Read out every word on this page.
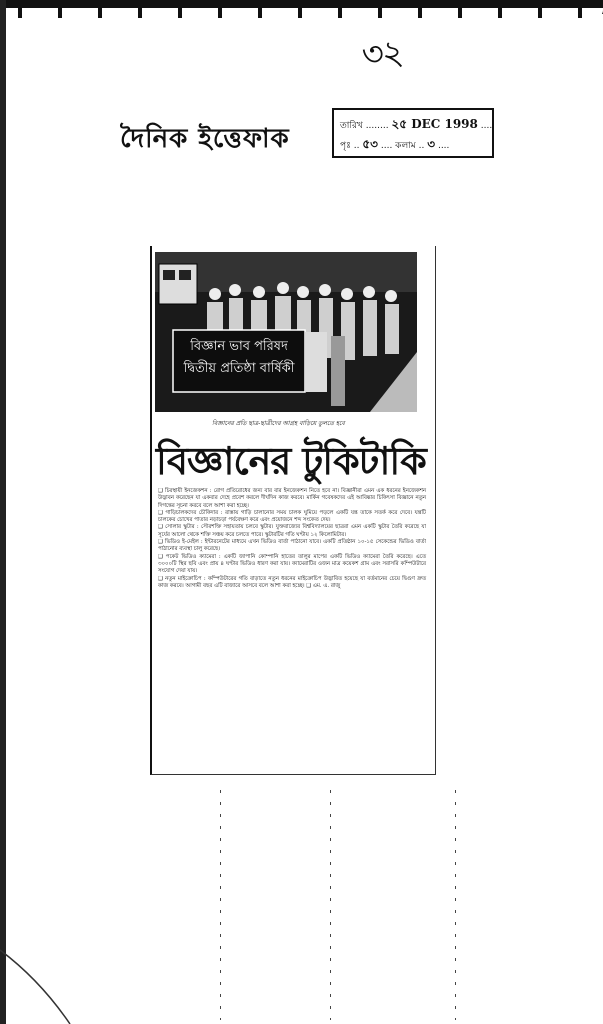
৩২
দৈনিক ইত্তেফাক	তারিখ ........ ২৫ DEC 1998 ....
পৃঃ .. ৫৩ .... কলাম .. ৩ ....
বিজ্ঞান ভাব পরিষদ
দ্বিতীয় প্রতিষ্ঠা বার্ষিকী
বিজ্ঞানের প্রতি ছাত্র-ছাত্রীদের আগ্রহ বাড়িয়ে তুলতে হবে
বিজ্ঞানের টুকিটাকি

❑ চিরস্থায়ী ইনজেকশন : রোগ প্রতিরোধের জন্য বার বার ইনজেকশন নিতে হবে না। বিজ্ঞানীরা এমন এক ধরনের ইনজেকশন উদ্ভাবন করেছেন যা একবার দেহে প্রবেশ করলে দীর্ঘদিন কাজ করবে। মার্কিন গবেষকদের এই আবিষ্কার চিকিৎসা বিজ্ঞানে নতুন দিগন্তের সূচনা করবে বলে আশা করা হচ্ছে।

❑ গাড়িচালকদের চৌকিদার : রাস্তায় গাড়ি চালানোর সময় চালক ঘুমিয়ে পড়লে একটি যন্ত্র তাকে সতর্ক করে দেবে। যন্ত্রটি চালকের চোখের পাতার নড়াচড়া পর্যবেক্ষণ করে এবং প্রয়োজনে শব্দ সংকেত দেয়।

❑ সোলার স্কুটার : সৌরশক্তি সহায়তায় চলবে স্কুটার। যুক্তরাজ্যের বিশ্ববিদ্যালয়ের ছাত্ররা এমন একটি স্কুটার তৈরি করেছে যা সূর্যের আলো থেকে শক্তি সঞ্চয় করে চলতে পারে। স্কুটারটির গতি ঘণ্টায় ১২ কিলোমিটার।

❑ ভিডিও ই-মেইল : ইন্টারনেটের মাধ্যমে এখন ভিডিও বার্তা পাঠানো যাবে। একটি প্রতিষ্ঠান ১০-১৫ সেকেন্ডের ভিডিও বার্তা পাঠানোর ব্যবস্থা চালু করেছে।

❑ পকেট ভিডিও ক্যামেরা : একটি জাপানি কোম্পানি হাতের তালুর মাপের একটি ভিডিও ক্যামেরা তৈরি করেছে। এতে ৩০০০টি স্থির ছবি এবং প্রায় ৪ ঘণ্টার ভিডিও ধারণ করা যায়। ক্যামেরাটির ওজন মাত্র কয়েকশ গ্রাম এবং সরাসরি কম্পিউটারে সংযোগ দেয়া যায়।

❑ নতুন মাইক্রোচিপ : কম্পিউটারের গতি বাড়াতে নতুন ধরনের মাইক্রোচিপ উদ্ভাবিত হয়েছে যা বর্তমানের চেয়ে দ্বিগুণ দ্রুত কাজ করবে। আগামী বছর এটি বাজারে আসবে বলে আশা করা হচ্ছে। ❑ এম. এ. রাজু
